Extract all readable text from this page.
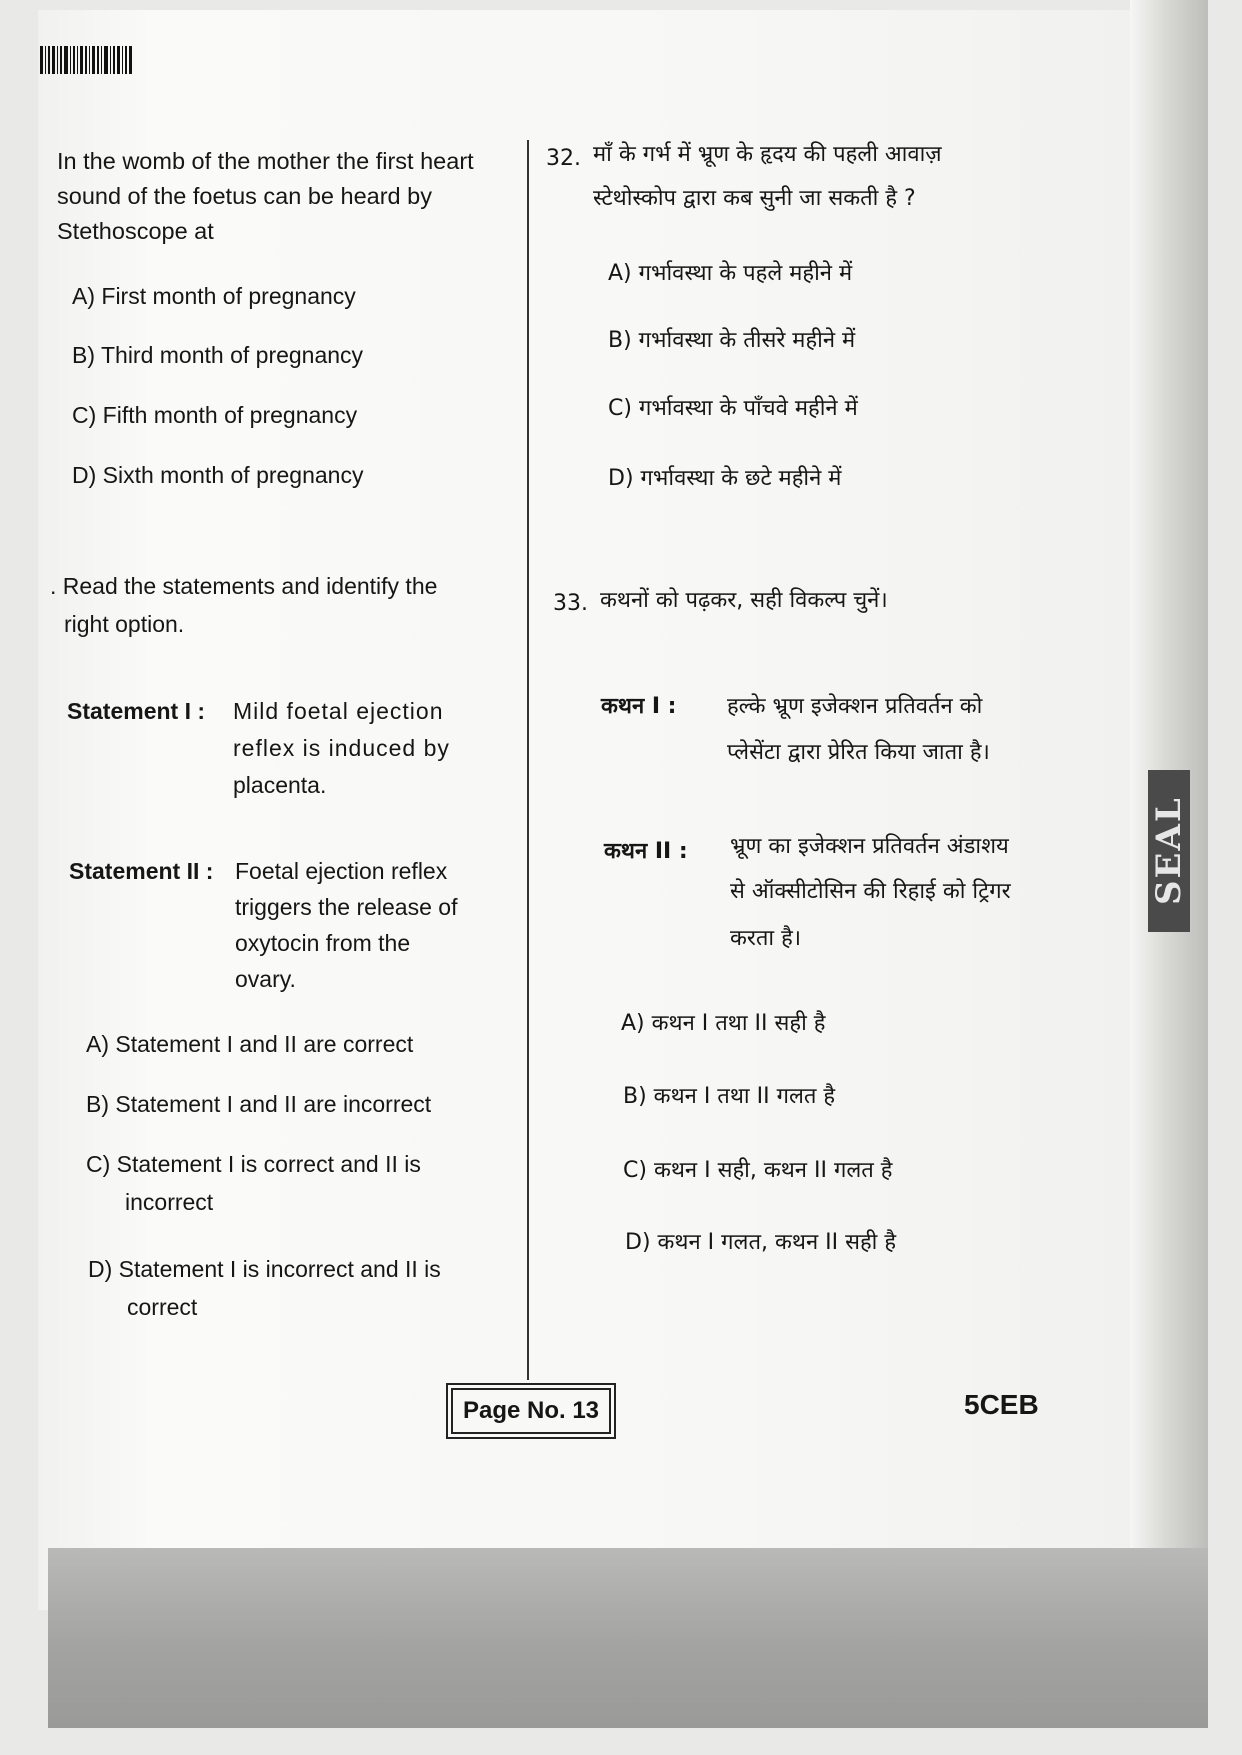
SEAL
In the womb of the mother the first heart
sound of the foetus can be heard by
Stethoscope at
A) First month of pregnancy
B) Third month of pregnancy
C) Fifth month of pregnancy
D) Sixth month of pregnancy
. Read the statements and identify the
right option.
Statement I : Mild foetal ejection
reflex is induced by
placenta.
Statement II : Foetal ejection reflex
triggers the release of
oxytocin from the
ovary.
A) Statement I and II are correct
B) Statement I and II are incorrect
C) Statement I is correct and II is
incorrect
D) Statement I is incorrect and II is
correct
32. माँ के गर्भ में भ्रूण के हृदय की पहली आवाज़
स्टेथोस्कोप द्वारा कब सुनी जा सकती है ?
A) गर्भावस्था के पहले महीने में
B) गर्भावस्था के तीसरे महीने में
C) गर्भावस्था के पाँचवे महीने में
D) गर्भावस्था के छटे महीने में
33. कथनों को पढ़कर, सही विकल्प चुनें।
कथन I : हल्के भ्रूण इजेक्शन प्रतिवर्तन को
प्लेसेंटा द्वारा प्रेरित किया जाता है।
कथन II : भ्रूण का इजेक्शन प्रतिवर्तन अंडाशय
से ऑक्सीटोसिन की रिहाई को ट्रिगर
करता है।
A) कथन I तथा II सही है
B) कथन I तथा II गलत है
C) कथन I सही, कथन II गलत है
D) कथन I गलत, कथन II सही है
Page No. 13	5CEB
